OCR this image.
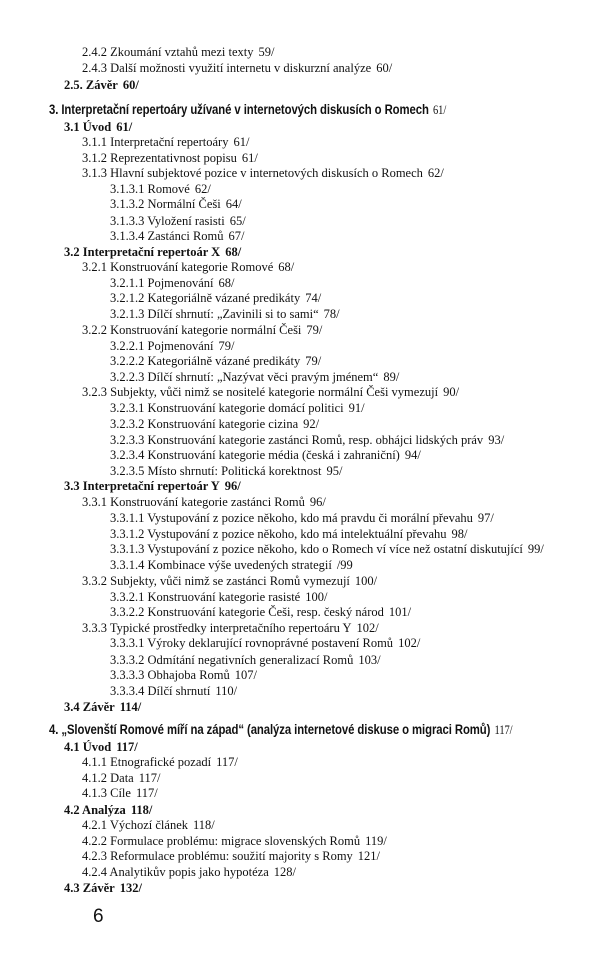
2.4.2 Zkoumání vztahů mezi texty 59/
2.4.3 Další možnosti využití internetu v diskurzní analýze 60/
2.5. Závěr 60/
3. Interpretační repertoáry užívané v internetových diskusích o Romech 61/
3.1 Úvod 61/
3.1.1 Interpretační repertoáry 61/
3.1.2 Reprezentativnost popisu 61/
3.1.3 Hlavní subjektové pozice v internetových diskusích o Romech 62/
3.1.3.1 Romové 62/
3.1.3.2 Normální Češi 64/
3.1.3.3 Vyložení rasisti 65/
3.1.3.4 Zastánci Romů 67/
3.2 Interpretační repertoár X 68/
3.2.1 Konstruování kategorie Romové 68/
3.2.1.1 Pojmenování 68/
3.2.1.2 Kategoriálně vázané predikáty 74/
3.2.1.3 Dílčí shrnutí: „Zavinili si to sami“ 78/
3.2.2 Konstruování kategorie normální Češi 79/
3.2.2.1 Pojmenování 79/
3.2.2.2 Kategoriálně vázané predikáty 79/
3.2.2.3 Dílčí shrnutí: „Nazývat věci pravým jménem“ 89/
3.2.3 Subjekty, vůči nimž se nositelé kategorie normální Češi vymezují 90/
3.2.3.1 Konstruování kategorie domácí politici 91/
3.2.3.2 Konstruování kategorie cizina 92/
3.2.3.3 Konstruování kategorie zastánci Romů, resp. obhájci lidských práv 93/
3.2.3.4 Konstruování kategorie média (česká i zahraniční) 94/
3.2.3.5 Místo shrnutí: Politická korektnost 95/
3.3 Interpretační repertoár Y 96/
3.3.1 Konstruování kategorie zastánci Romů 96/
3.3.1.1 Vystupování z pozice někoho, kdo má pravdu či morální převahu 97/
3.3.1.2 Vystupování z pozice někoho, kdo má intelektuální převahu 98/
3.3.1.3 Vystupování z pozice někoho, kdo o Romech ví více než ostatní diskutující 99/
3.3.1.4 Kombinace výše uvedených strategií /99
3.3.2 Subjekty, vůči nimž se zastánci Romů vymezují 100/
3.3.2.1 Konstruování kategorie rasisté 100/
3.3.2.2 Konstruování kategorie Češi, resp. český národ 101/
3.3.3 Typické prostředky interpretačního repertoáru Y 102/
3.3.3.1 Výroky deklarující rovnoprávné postavení Romů 102/
3.3.3.2 Odmítání negativních generalizací Romů 103/
3.3.3.3 Obhajoba Romů 107/
3.3.3.4 Dílčí shrnutí 110/
3.4 Závěr 114/
4. „Slovenští Romové míří na západ“ (analýza internetové diskuse o migraci Romů) 117/
4.1 Úvod 117/
4.1.1 Etnografické pozadí 117/
4.1.2 Data 117/
4.1.3 Cíle 117/
4.2 Analýza 118/
4.2.1 Výchozí článek 118/
4.2.2 Formulace problému: migrace slovenských Romů 119/
4.2.3 Reformulace problému: soužití majority s Romy 121/
4.2.4 Analytikův popis jako hypotéza 128/
4.3 Závěr 132/
6
